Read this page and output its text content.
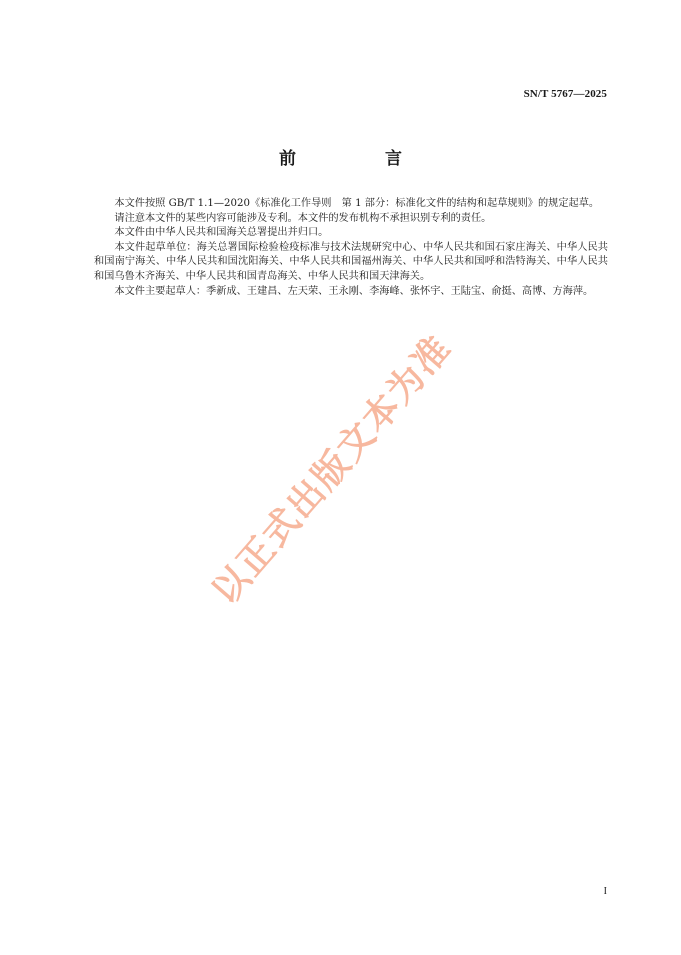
SN/T 5767—2025
前　言

本文件按照 GB/T 1.1—2020《标准化工作导则　第 1 部分：标准化文件的结构和起草规则》的规定起草。

请注意本文件的某些内容可能涉及专利。本文件的发布机构不承担识别专利的责任。

本文件由中华人民共和国海关总署提出并归口。

本文件起草单位：海关总署国际检验检疫标准与技术法规研究中心、中华人民共和国石家庄海关、中华人民共和国南宁海关、中华人民共和国沈阳海关、中华人民共和国福州海关、中华人民共和国呼和浩特海关、中华人民共和国乌鲁木齐海关、中华人民共和国青岛海关、中华人民共和国天津海关。

本文件主要起草人：季新成、王建昌、左天荣、王永刚、李海峰、张怀宇、王陆宝、俞挺、高博、方海萍。

以正式出版文本为准
I
